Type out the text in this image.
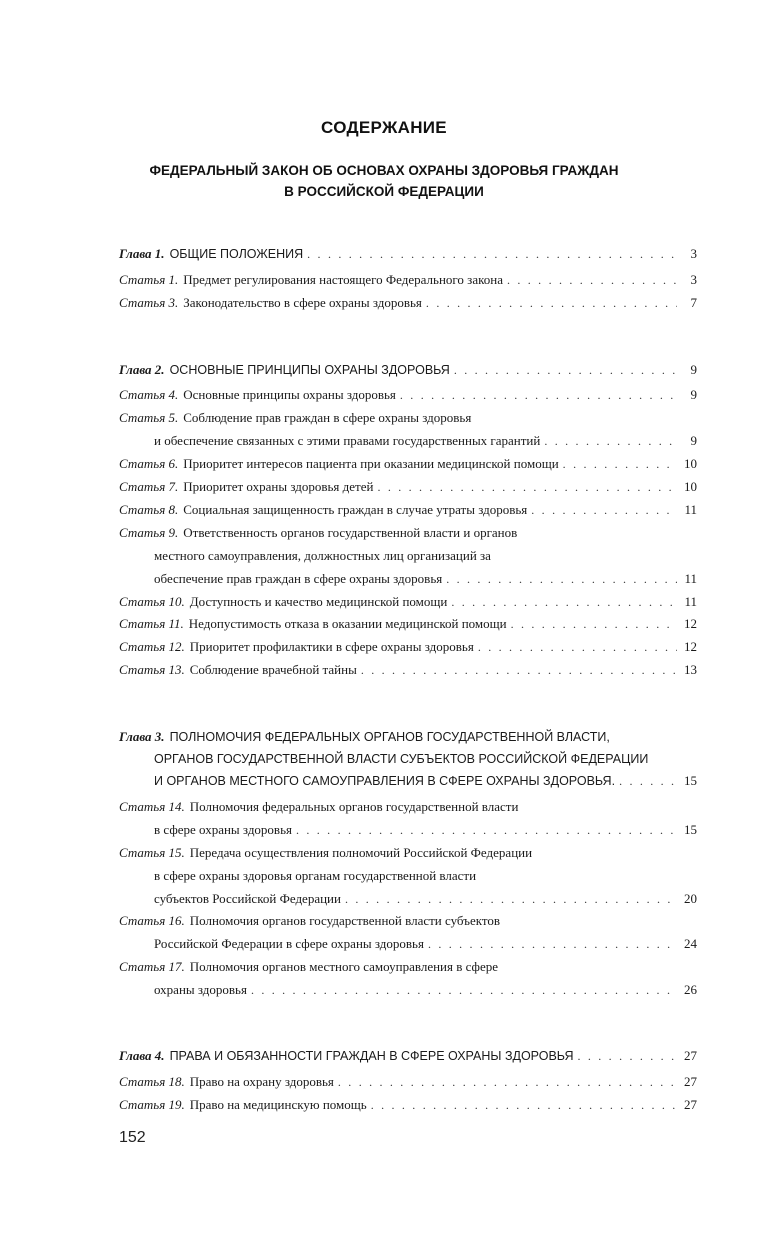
СОДЕРЖАНИЕ
ФЕДЕРАЛЬНЫЙ ЗАКОН ОБ ОСНОВАХ ОХРАНЫ ЗДОРОВЬЯ ГРАЖДАН
В РОССИЙСКОЙ ФЕДЕРАЦИИ
Глава 1. ОБЩИЕ ПОЛОЖЕНИЯ . . .	3
Статья 1. Предмет регулирования настоящего Федерального закона . . .	3
Статья 3. Законодательство в сфере охраны здоровья . . .	7
Глава 2. ОСНОВНЫЕ ПРИНЦИПЫ ОХРАНЫ ЗДОРОВЬЯ . . .	9
Статья 4. Основные принципы охраны здоровья . . .	9
Статья 5. Соблюдение прав граждан в сфере охраны здоровья
и обеспечение связанных с этими правами государственных гарантий . . .	9
Статья 6. Приоритет интересов пациента при оказании медицинской помощи . . .	10
Статья 7. Приоритет охраны здоровья детей . . .	10
Статья 8. Социальная защищенность граждан в случае утраты здоровья . . .	11
Статья 9. Ответственность органов государственной власти и органов
местного самоуправления, должностных лиц организаций за
обеспечение прав граждан в сфере охраны здоровья . . .	11
Статья 10. Доступность и качество медицинской помощи . . .	11
Статья 11. Недопустимость отказа в оказании медицинской помощи . . .	12
Статья 12. Приоритет профилактики в сфере охраны здоровья . . .	12
Статья 13. Соблюдение врачебной тайны . . .	13
Глава 3. ПОЛНОМОЧИЯ ФЕДЕРАЛЬНЫХ ОРГАНОВ ГОСУДАРСТВЕННОЙ ВЛАСТИ,
ОРГАНОВ ГОСУДАРСТВЕННОЙ ВЛАСТИ СУБЪЕКТОВ РОССИЙСКОЙ ФЕДЕРАЦИИ
И ОРГАНОВ МЕСТНОГО САМОУПРАВЛЕНИЯ В СФЕРЕ ОХРАНЫ ЗДОРОВЬЯ. . . .	15
Статья 14. Полномочия федеральных органов государственной власти
в сфере охраны здоровья . . .	15
Статья 15. Передача осуществления полномочий Российской Федерации
в сфере охраны здоровья органам государственной власти
субъектов Российской Федерации . . .	20
Статья 16. Полномочия органов государственной власти субъектов
Российской Федерации в сфере охраны здоровья . . .	24
Статья 17. Полномочия органов местного самоуправления в сфере
охраны здоровья . . .	26
Глава 4. ПРАВА И ОБЯЗАННОСТИ ГРАЖДАН В СФЕРЕ ОХРАНЫ ЗДОРОВЬЯ . . .	27
Статья 18. Право на охрану здоровья . . .	27
Статья 19. Право на медицинскую помощь . . .	27
152
